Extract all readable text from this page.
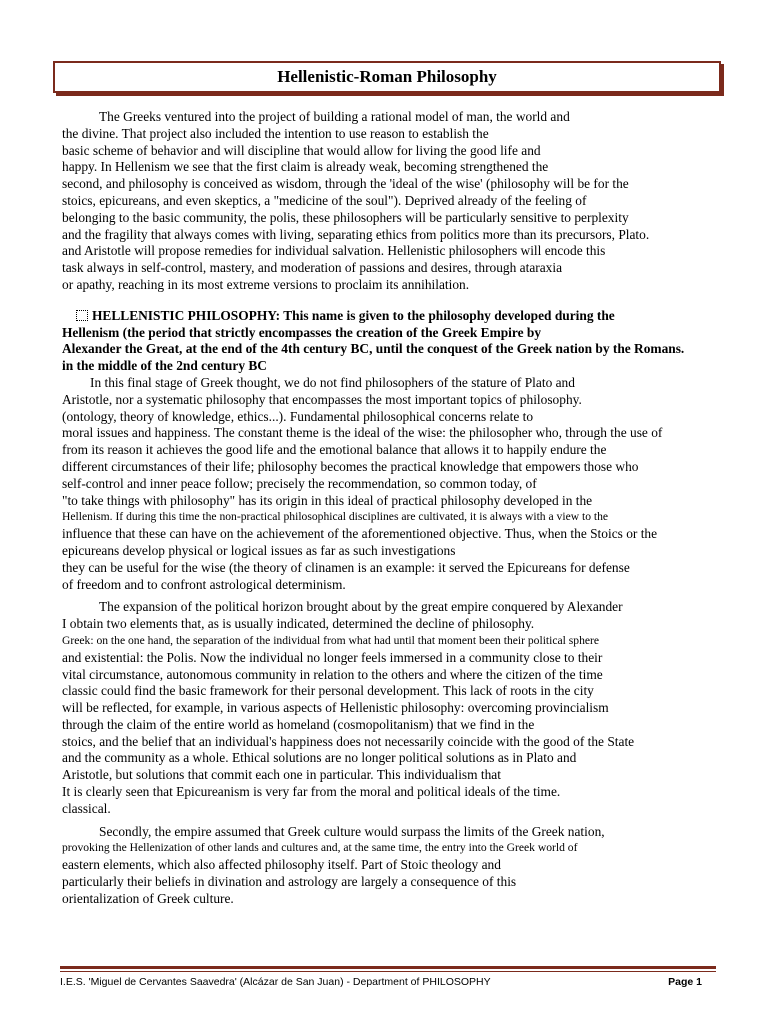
Hellenistic-Roman Philosophy

The Greeks ventured into the project of building a rational model of man, the world and
the divine. That project also included the intention to use reason to establish the
basic scheme of behavior and will discipline that would allow for living the good life and
happy. In Hellenism we see that the first claim is already weak, becoming strengthened the
second, and philosophy is conceived as wisdom, through the 'ideal of the wise' (philosophy will be for the
stoics, epicureans, and even skeptics, a "medicine of the soul"). Deprived already of the feeling of
belonging to the basic community, the polis, these philosophers will be particularly sensitive to perplexity
and the fragility that always comes with living, separating ethics from politics more than its precursors, Plato.
and Aristotle will propose remedies for individual salvation. Hellenistic philosophers will encode this
task always in self-control, mastery, and moderation of passions and desires, through ataraxia
or apathy, reaching in its most extreme versions to proclaim its annihilation.

HELLENISTIC PHILOSOPHY: This name is given to the philosophy developed during the
Hellenism (the period that strictly encompasses the creation of the Greek Empire by
Alexander the Great, at the end of the 4th century BC, until the conquest of the Greek nation by the Romans.
in the middle of the 2nd century BC

In this final stage of Greek thought, we do not find philosophers of the stature of Plato and
Aristotle, nor a systematic philosophy that encompasses the most important topics of philosophy.
(ontology, theory of knowledge, ethics...). Fundamental philosophical concerns relate to
moral issues and happiness. The constant theme is the ideal of the wise: the philosopher who, through the use of
from its reason it achieves the good life and the emotional balance that allows it to happily endure the
different circumstances of their life; philosophy becomes the practical knowledge that empowers those who
self-control and inner peace follow; precisely the recommendation, so common today, of
"to take things with philosophy" has its origin in this ideal of practical philosophy developed in the
Hellenism. If during this time the non-practical philosophical disciplines are cultivated, it is always with a view to the
influence that these can have on the achievement of the aforementioned objective. Thus, when the Stoics or the
epicureans develop physical or logical issues as far as such investigations
they can be useful for the wise (the theory of clinamen is an example: it served the Epicureans for defense
of freedom and to confront astrological determinism.

The expansion of the political horizon brought about by the great empire conquered by Alexander
I obtain two elements that, as is usually indicated, determined the decline of philosophy.
Greek: on the one hand, the separation of the individual from what had until that moment been their political sphere
and existential: the Polis. Now the individual no longer feels immersed in a community close to their
vital circumstance, autonomous community in relation to the others and where the citizen of the time
classic could find the basic framework for their personal development. This lack of roots in the city
will be reflected, for example, in various aspects of Hellenistic philosophy: overcoming provincialism
through the claim of the entire world as homeland (cosmopolitanism) that we find in the
stoics, and the belief that an individual's happiness does not necessarily coincide with the good of the State
and the community as a whole. Ethical solutions are no longer political solutions as in Plato and
Aristotle, but solutions that commit each one in particular. This individualism that
It is clearly seen that Epicureanism is very far from the moral and political ideals of the time.
classical.

Secondly, the empire assumed that Greek culture would surpass the limits of the Greek nation,
provoking the Hellenization of other lands and cultures and, at the same time, the entry into the Greek world of
eastern elements, which also affected philosophy itself. Part of Stoic theology and
particularly their beliefs in divination and astrology are largely a consequence of this
orientalization of Greek culture.

I.E.S. 'Miguel de Cervantes Saavedra' (Alcázar de San Juan) - Department of PHILOSOPHY	Page 1
